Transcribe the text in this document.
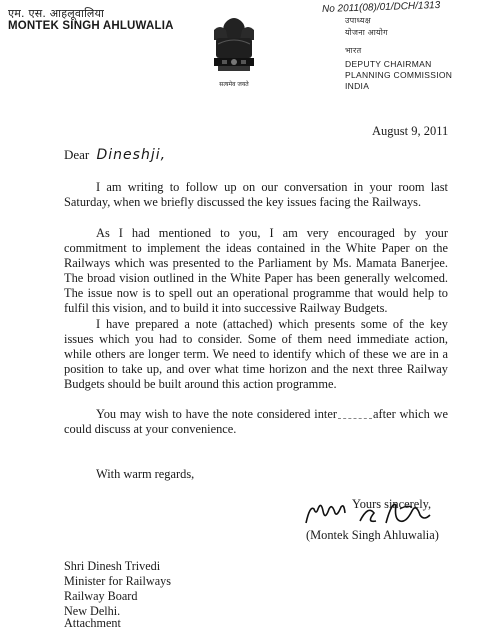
एम. एस. आहलूवालिया
MONTEK SINGH AHLUWALIA
No 2011(08)/01/DCH/1313
सत्यमेव जयते
उपाध्यक्ष
योजना आयोग
भारत
DEPUTY CHAIRMAN
PLANNING COMMISSION
INDIA
August 9, 2011
Dear Dineshji,
I am writing to follow up on our conversation in your room last Saturday, when we briefly discussed the key issues facing the Railways.
As I had mentioned to you, I am very encouraged by your commitment to implement the ideas contained in the White Paper on the Railways which was presented to the Parliament by Ms. Mamata Banerjee. The broad vision outlined in the White Paper has been generally welcomed. The issue now is to spell out an operational programme that would help to fulfil this vision, and to build it into successive Railway Budgets.
I have prepared a note (attached) which presents some of the key issues which you had to consider. Some of them need immediate action, while others are longer term. We need to identify which of these we are in a position to take up, and over what time horizon and the next three Railway Budgets should be built around this action programme.
You may wish to have the note considered inter	after which we could discuss at your convenience.
With warm regards,
Yours sincerely,
(Montek Singh Ahluwalia)
Shri Dinesh Trivedi
Minister for Railways
Railway Board
New Delhi.
Attachment
